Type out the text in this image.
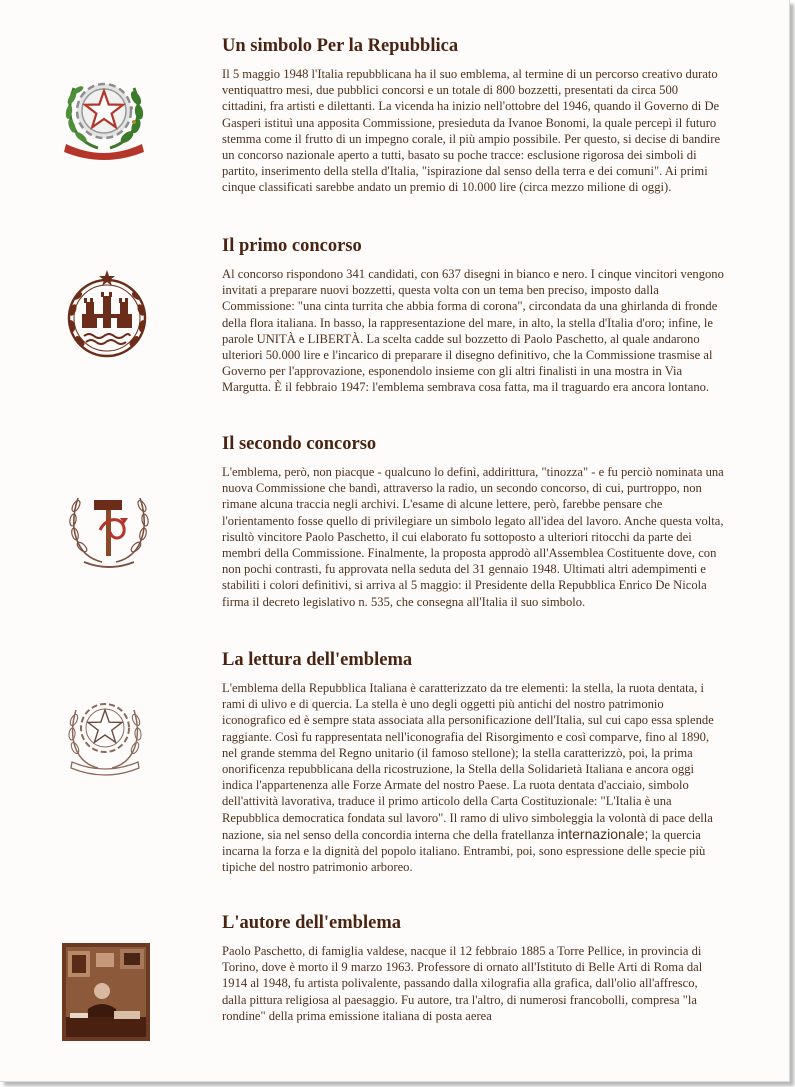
Un simbolo Per la Repubblica

Il 5 maggio 1948 l'Italia repubblicana ha il suo emblema, al termine di un percorso creativo durato ventiquattro mesi, due pubblici concorsi e un totale di 800 bozzetti, presentati da circa 500 cittadini, fra artisti e dilettanti. La vicenda ha inizio nell'ottobre del 1946, quando il Governo di De Gasperi istituì una apposita Commissione, presieduta da Ivanoe Bonomi, la quale percepì il futuro stemma come il frutto di un impegno corale, il più ampio possibile. Per questo, si decise di bandire un concorso nazionale aperto a tutti, basato su poche tracce: esclusione rigorosa dei simboli di partito, inserimento della stella d'Italia, "ispirazione dal senso della terra e dei comuni". Ai primi cinque classificati sarebbe andato un premio di 10.000 lire (circa mezzo milione di oggi).

Il primo concorso

Al concorso rispondono 341 candidati, con 637 disegni in bianco e nero. I cinque vincitori vengono invitati a preparare nuovi bozzetti, questa volta con un tema ben preciso, imposto dalla Commissione: "una cinta turrita che abbia forma di corona", circondata da una ghirlanda di fronde della flora italiana. In basso, la rappresentazione del mare, in alto, la stella d'Italia d'oro; infine, le parole UNITÀ e LIBERTÀ. La scelta cadde sul bozzetto di Paolo Paschetto, al quale andarono ulteriori 50.000 lire e l'incarico di preparare il disegno definitivo, che la Commissione trasmise al Governo per l'approvazione, esponendolo insieme con gli altri finalisti in una mostra in Via Margutta. È il febbraio 1947: l'emblema sembrava cosa fatta, ma il traguardo era ancora lontano.

Il secondo concorso

L'emblema, però, non piacque - qualcuno lo definì, addirittura, "tinozza" - e fu perciò nominata una nuova Commissione che bandì, attraverso la radio, un secondo concorso, di cui, purtroppo, non rimane alcuna traccia negli archivi. L'esame di alcune lettere, però, farebbe pensare che l'orientamento fosse quello di privilegiare un simbolo legato all'idea del lavoro. Anche questa volta, risultò vincitore Paolo Paschetto, il cui elaborato fu sottoposto a ulteriori ritocchi da parte dei membri della Commissione. Finalmente, la proposta approdò all'Assemblea Costituente dove, con non pochi contrasti, fu approvata nella seduta del 31 gennaio 1948. Ultimati altri adempimenti e stabiliti i colori definitivi, si arriva al 5 maggio: il Presidente della Repubblica Enrico De Nicola firma il decreto legislativo n. 535, che consegna all'Italia il suo simbolo.

La lettura dell'emblema

L'emblema della Repubblica Italiana è caratterizzato da tre elementi: la stella, la ruota dentata, i rami di ulivo e di quercia. La stella è uno degli oggetti più antichi del nostro patrimonio iconografico ed è sempre stata associata alla personificazione dell'Italia, sul cui capo essa splende raggiante. Così fu rappresentata nell'iconografia del Risorgimento e così comparve, fino al 1890, nel grande stemma del Regno unitario (il famoso stellone); la stella caratterizzò, poi, la prima onorificenza repubblicana della ricostruzione, la Stella della Solidarietà Italiana e ancora oggi indica l'appartenenza alle Forze Armate del nostro Paese. La ruota dentata d'acciaio, simbolo dell'attività lavorativa, traduce il primo articolo della Carta Costituzionale: "L'Italia è una Repubblica democratica fondata sul lavoro". Il ramo di ulivo simboleggia la volontà di pace della nazione, sia nel senso della concordia interna che della fratellanza internazionale; la quercia incarna la forza e la dignità del popolo italiano. Entrambi, poi, sono espressione delle specie più tipiche del nostro patrimonio arboreo.

L'autore dell'emblema

Paolo Paschetto, di famiglia valdese, nacque il 12 febbraio 1885 a Torre Pellice, in provincia di Torino, dove è morto il 9 marzo 1963. Professore di ornato all'Istituto di Belle Arti di Roma dal 1914 al 1948, fu artista polivalente, passando dalla xilografia alla grafica, dall'olio all'affresco, dalla pittura religiosa al paesaggio. Fu autore, tra l'altro, di numerosi francobolli, compresa "la rondine" della prima emissione italiana di posta aerea
